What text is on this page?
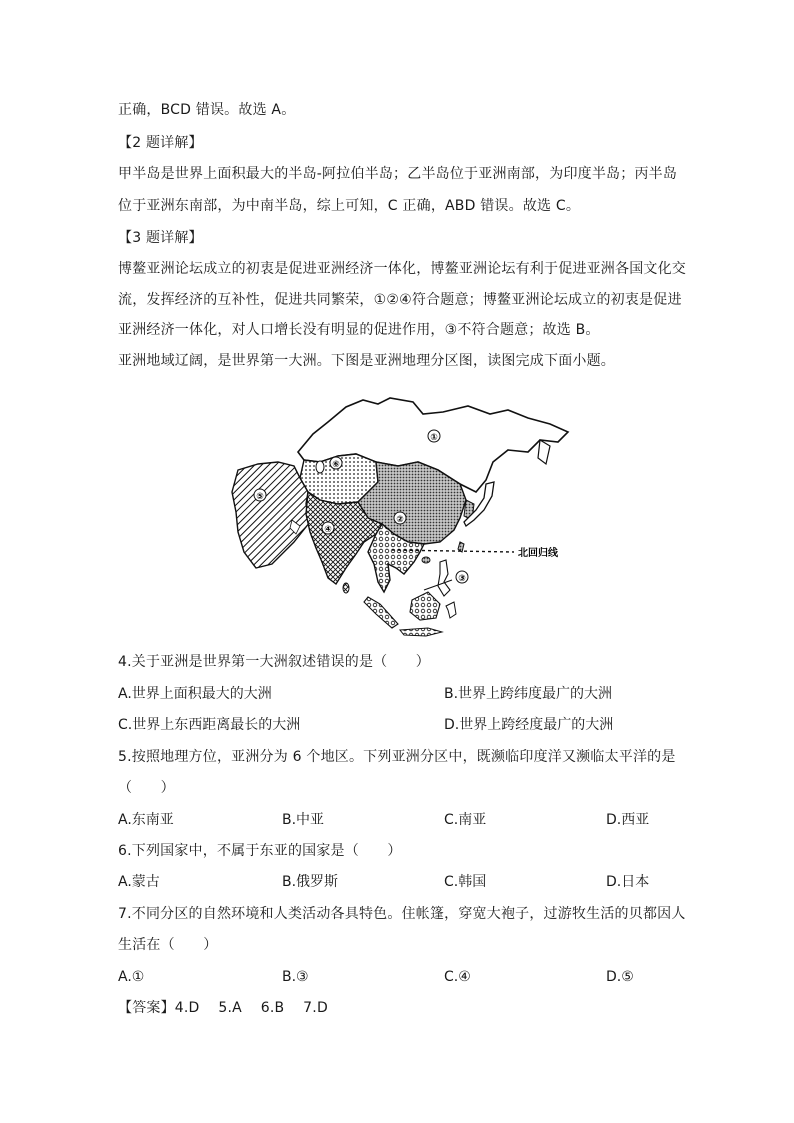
正确，BCD 错误。故选 A。
【2 题详解】
甲半岛是世界上面积最大的半岛-阿拉伯半岛；乙半岛位于亚洲南部，为印度半岛；丙半岛
位于亚洲东南部，为中南半岛，综上可知，C 正确，ABD 错误。故选 C。
【3 题详解】
博鳌亚洲论坛成立的初衷是促进亚洲经济一体化，博鳌亚洲论坛有利于促进亚洲各国文化交
流，发挥经济的互补性，促进共同繁荣，①②④符合题意；博鳌亚洲论坛成立的初衷是促进
亚洲经济一体化，对人口增长没有明显的促进作用，③不符合题意；故选 B。
亚洲地域辽阔，是世界第一大洲。下图是亚洲地理分区图，读图完成下面小题。
①
②
③
④
⑤
⑥
北回归线
4.关于亚洲是世界第一大洲叙述错误的是（　　）
A.世界上面积最大的大洲	B.世界上跨纬度最广的大洲
C.世界上东西距离最长的大洲	D.世界上跨经度最广的大洲
5.按照地理方位，亚洲分为 6 个地区。下列亚洲分区中，既濒临印度洋又濒临太平洋的是
（　　）
A.东南亚	B.中亚	C.南亚	D.西亚
6.下列国家中，不属于东亚的国家是（　　）
A.蒙古	B.俄罗斯	C.韩国	D.日本
7.不同分区的自然环境和人类活动各具特色。住帐篷，穿宽大袍子，过游牧生活的贝都因人
生活在（　　）
A.①	B.③	C.④	D.⑤
【答案】4.D　 5.A　 6.B　 7.D
